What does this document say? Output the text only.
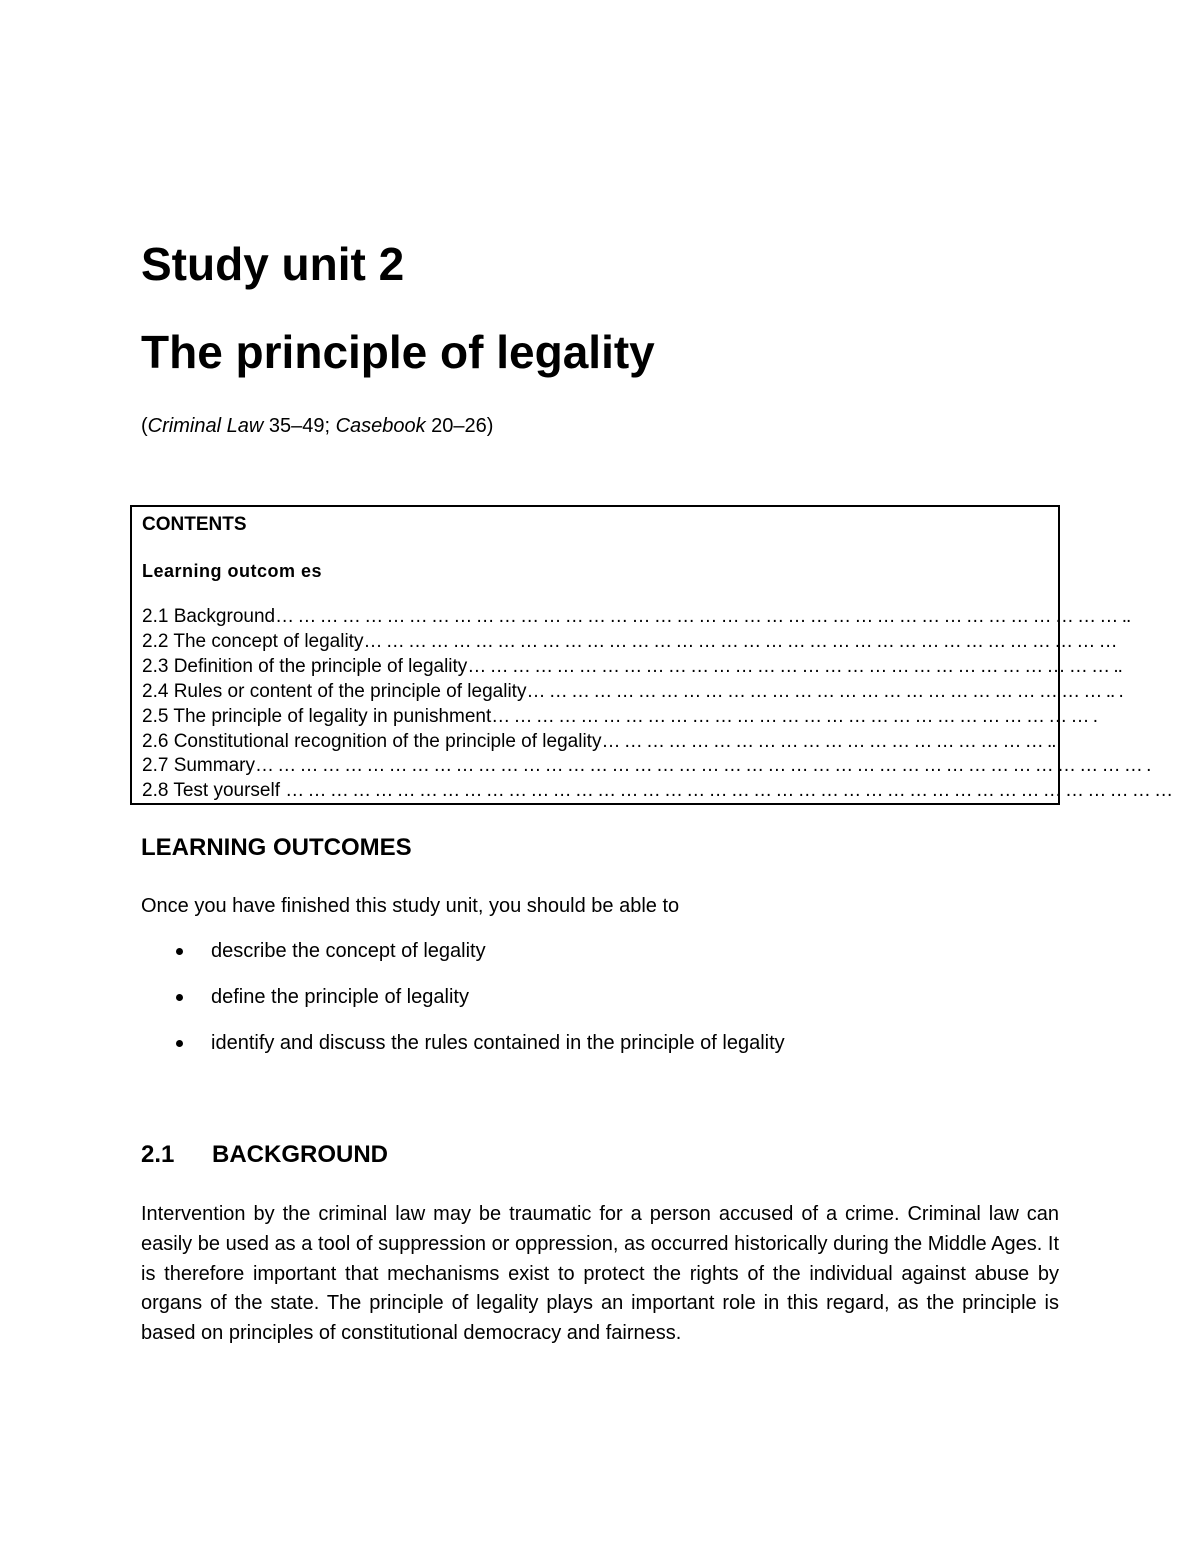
Study unit 2
The principle of legality
(Criminal Law 35–49; Casebook 20–26)
CONTENTS
Learning outcom es
2.1 Background… … … … … … … … … … … … … … … … … … … … … … … … … … … … … … … … … … … … … … ..
2.2 The concept of legality… … … … … … … … … … … … … … … … … … … … … … … … … … … … … … … … … …
2.3 Definition of the principle of legality… … … … … … … … … … … … … … … … … … … … … … … … … … … … … ..
2.4 Rules or content of the principle of legality… … … … … … … … … … … … … … … … … … … … … … … … … … .. .
2.5 The principle of legality in punishment… … … … … … … … … … … … … … … … … … … … … … … … … … … .
2.6 Constitutional recognition of the principle of legality… … … … … … … … … … … … … … … … … … … … ..
2.7 Summary… … … … … … … … … … … … … … … … … … … … … … … … … … … … … … … … … … … … … … … … .
2.8 Test yourself … … … … … … … … … … … … … … … … … … … … … … … … … … … … … … … … … … … … … … … …
LEARNING OUTCOMES
Once you have finished this study unit, you should be able to
describe the concept of legality
define the principle of legality
identify and discuss the rules contained in the principle of legality
2.1 BACKGROUND

Intervention by the criminal law may be traumatic for a person accused of a crime. Criminal law can easily be used as a tool of suppression or oppression, as occurred historically during the Middle Ages. It is therefore important that mechanisms exist to protect the rights of the individual against abuse by organs of the state. The principle of legality plays an important role in this regard, as the principle is based on principles of constitutional democracy and fairness.
